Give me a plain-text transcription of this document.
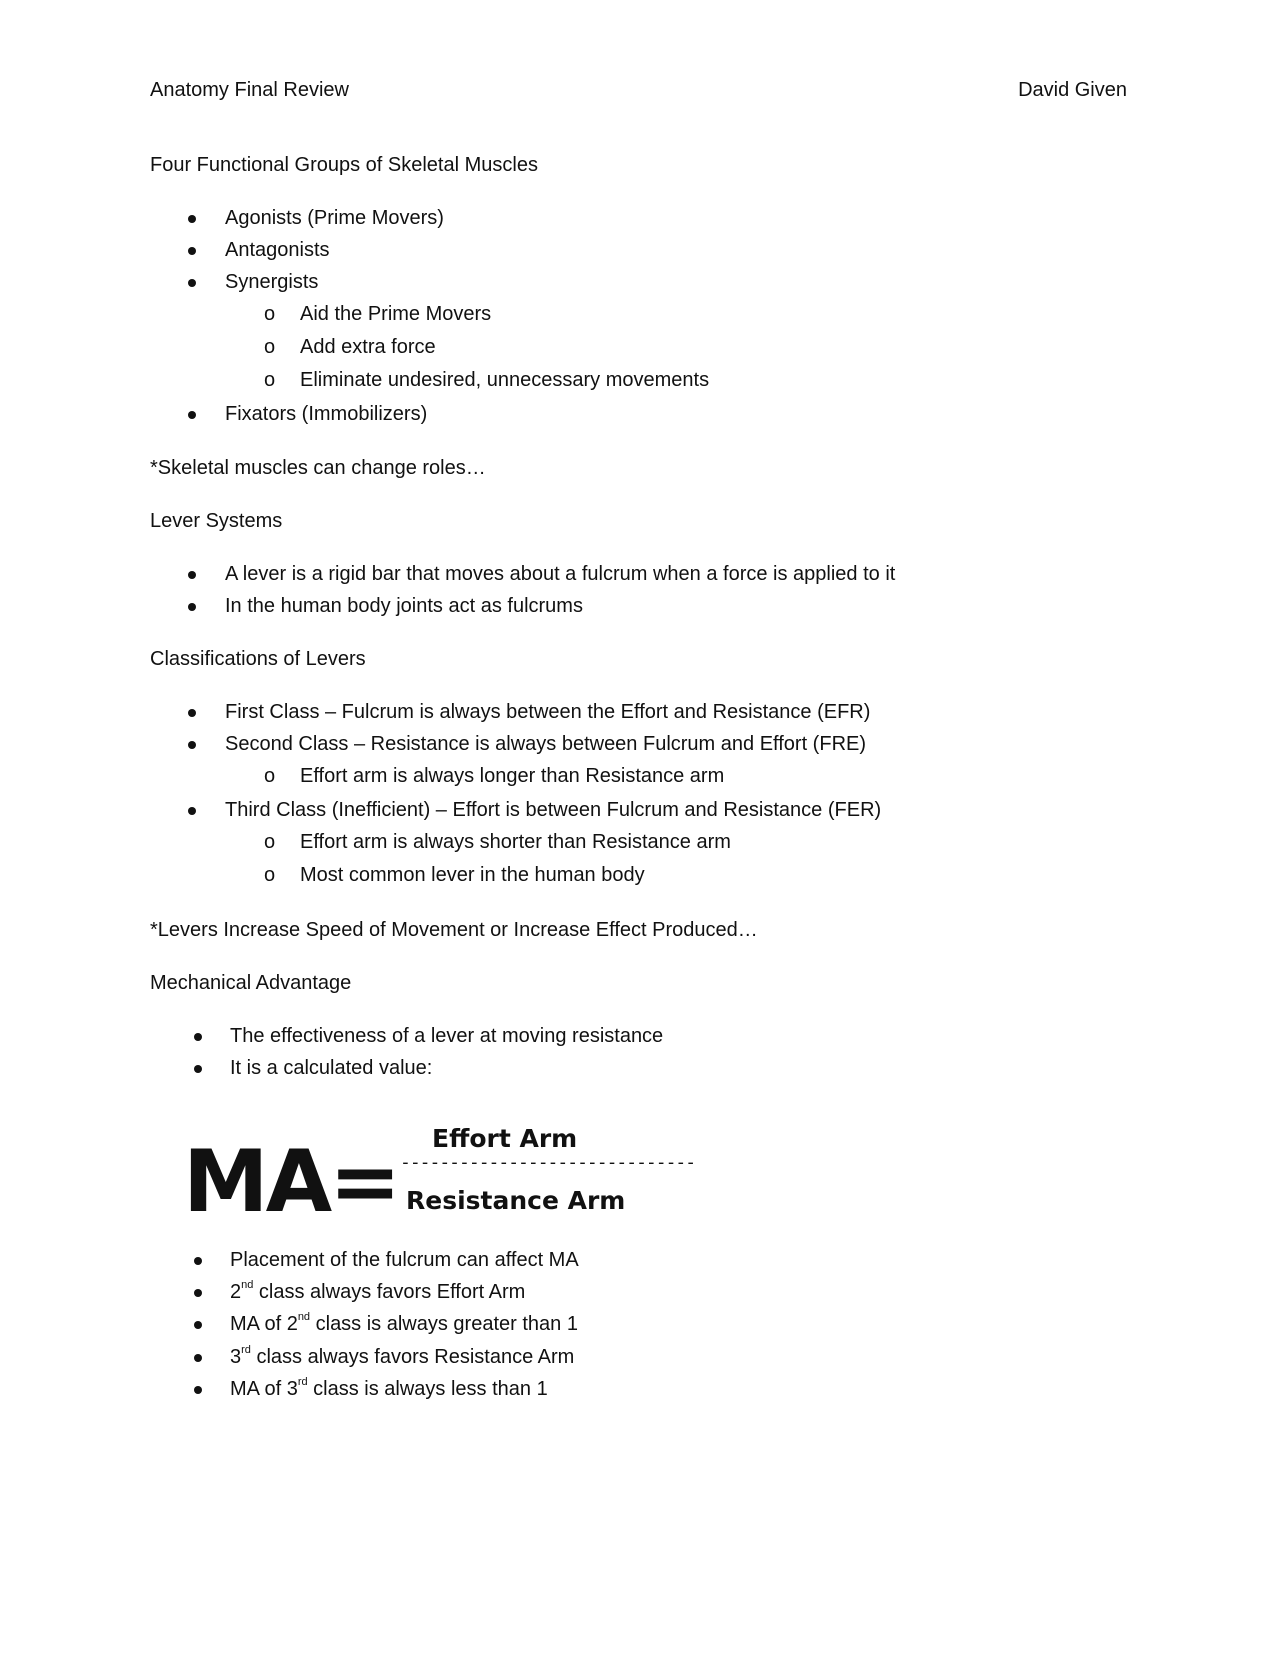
Anatomy Final Review	David Given
Four Functional Groups of Skeletal Muscles
Agonists (Prime Movers)
Antagonists
Synergists
o Aid the Prime Movers
o Add extra force
o Eliminate undesired, unnecessary movements
Fixators (Immobilizers)
*Skeletal muscles can change roles…
Lever Systems
A lever is a rigid bar that moves about a fulcrum when a force is applied to it
In the human body joints act as fulcrums
Classifications of Levers
First Class – Fulcrum is always between the Effort and Resistance (EFR)
Second Class – Resistance is always between Fulcrum and Effort (FRE)
o Effort arm is always longer than Resistance arm
Third Class (Inefficient) – Effort is between Fulcrum and Resistance (FER)
o Effort arm is always shorter than Resistance arm
o Most common lever in the human body
*Levers Increase Speed of Movement or Increase Effect Produced…
Mechanical Advantage
The effectiveness of a lever at moving resistance
It is a calculated value:
MA= Effort Arm
------------------------------
Resistance Arm
Placement of the fulcrum can affect MA
2nd class always favors Effort Arm
MA of 2nd class is always greater than 1
3rd class always favors Resistance Arm
MA of 3rd class is always less than 1
